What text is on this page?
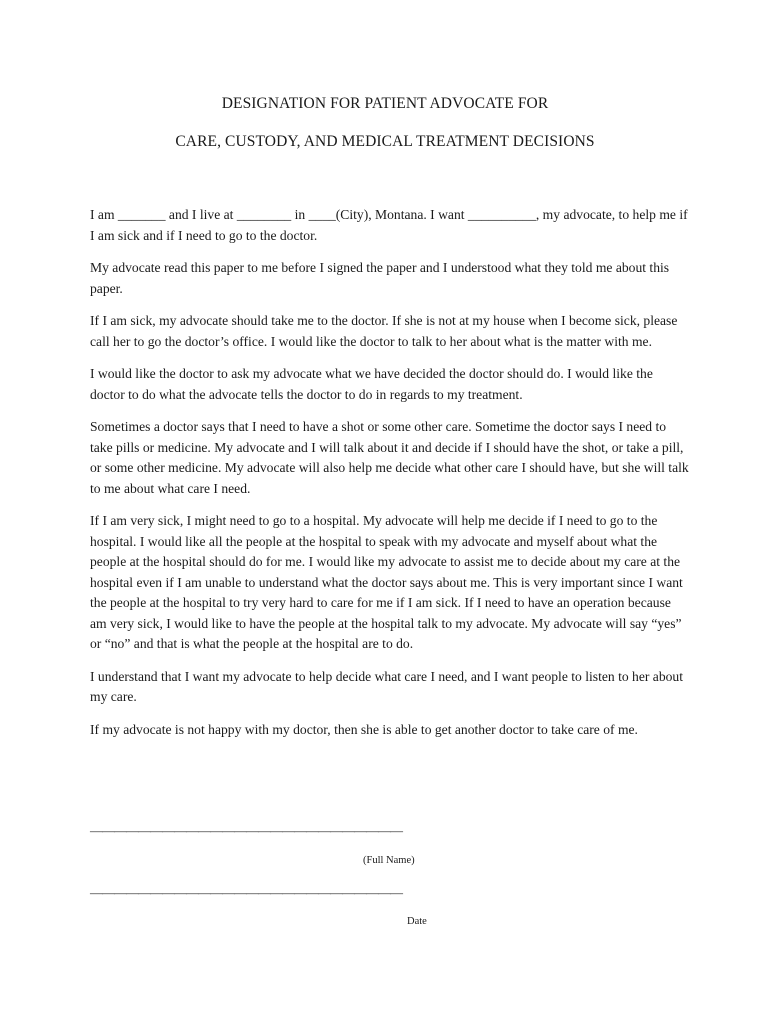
DESIGNATION FOR PATIENT ADVOCATE FOR
CARE, CUSTODY, AND MEDICAL TREATMENT DECISIONS

I am _______ and I live at ________ in ____(City), Montana. I want __________, my advocate, to help me if I am sick and if I need to go to the doctor.

My advocate read this paper to me before I signed the paper and I understood what they told me about this paper.

If I am sick, my advocate should take me to the doctor. If she is not at my house when I become sick, please call her to go the doctor’s office. I would like the doctor to talk to her about what is the matter with me.

I would like the doctor to ask my advocate what we have decided the doctor should do. I would like the doctor to do what the advocate tells the doctor to do in regards to my treatment.

Sometimes a doctor says that I need to have a shot or some other care. Sometime the doctor says I need to take pills or medicine. My advocate and I will talk about it and decide if I should have the shot, or take a pill, or some other medicine. My advocate will also help me decide what other care I should have, but she will talk to me about what care I need.

If I am very sick, I might need to go to a hospital. My advocate will help me decide if I need to go to the hospital. I would like all the people at the hospital to speak with my advocate and myself about what the people at the hospital should do for me. I would like my advocate to assist me to decide about my care at the hospital even if I am unable to understand what the doctor says about me. This is very important since I want the people at the hospital to try very hard to care for me if I am sick. If I need to have an operation because am very sick, I would like to have the people at the hospital talk to my advocate. My advocate will say “yes” or “no” and that is what the people at the hospital are to do.

I understand that I want my advocate to help decide what care I need, and I want people to listen to her about my care.

If my advocate is not happy with my doctor, then she is able to get another doctor to take care of me.

——————————————————————————
(Full Name)
——————————————————————————
Date
